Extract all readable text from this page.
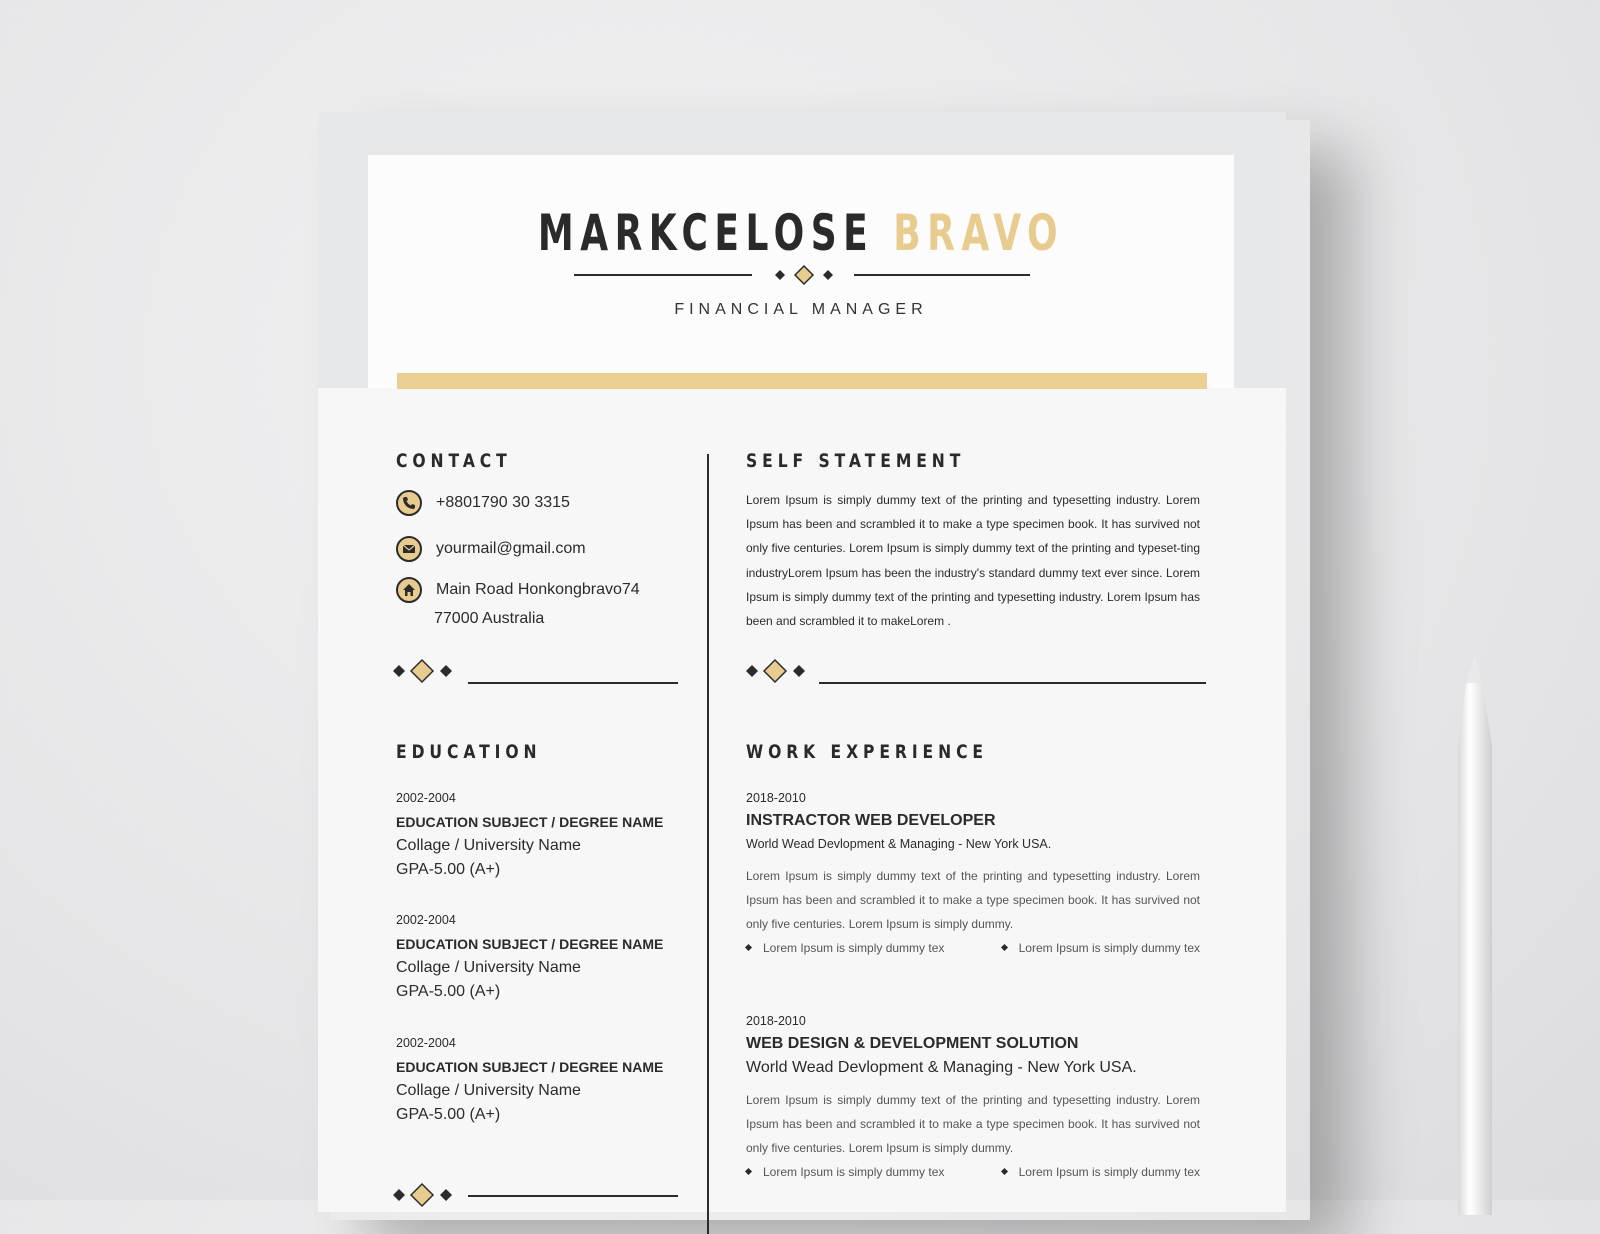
MARKCELOSE BRAVO
FINANCIAL MANAGER
CONTACT
+8801790 30 3315
yourmail@gmail.com
Main Road Honkongbravo74
77000 Australia
SELF STATEMENT
Lorem Ipsum is simply dummy text of the printing and typesetting industry. Lorem Ipsum has been and scrambled it to make a type specimen book. It has survived not only five centuries. Lorem Ipsum is simply dummy text of the printing and typeset-ting industryLorem Ipsum has been the industry's standard dummy text ever since. Lorem Ipsum is simply dummy text of the printing and typesetting industry. Lorem Ipsum has been and scrambled it to makeLorem .
EDUCATION
2002-2004
EDUCATION SUBJECT / DEGREE NAME
Collage / University Name
GPA-5.00 (A+)
2002-2004
EDUCATION SUBJECT / DEGREE NAME
Collage / University Name
GPA-5.00 (A+)
2002-2004
EDUCATION SUBJECT / DEGREE NAME
Collage / University Name
GPA-5.00 (A+)
WORK EXPERIENCE
2018-2010
INSTRACTOR WEB DEVELOPER
World Wead Devlopment & Managing - New York USA.
Lorem Ipsum is simply dummy text of the printing and typesetting industry. Lorem Ipsum has been and scrambled it to make a type specimen book. It has survived not only five centuries. Lorem Ipsum is simply dummy.
Lorem Ipsum is simply dummy tex	Lorem Ipsum is simply dummy tex
2018-2010
WEB DESIGN & DEVELOPMENT SOLUTION
World Wead Devlopment & Managing - New York USA.
Lorem Ipsum is simply dummy text of the printing and typesetting industry. Lorem Ipsum has been and scrambled it to make a type specimen book. It has survived not only five centuries. Lorem Ipsum is simply dummy.
Lorem Ipsum is simply dummy tex	Lorem Ipsum is simply dummy tex
